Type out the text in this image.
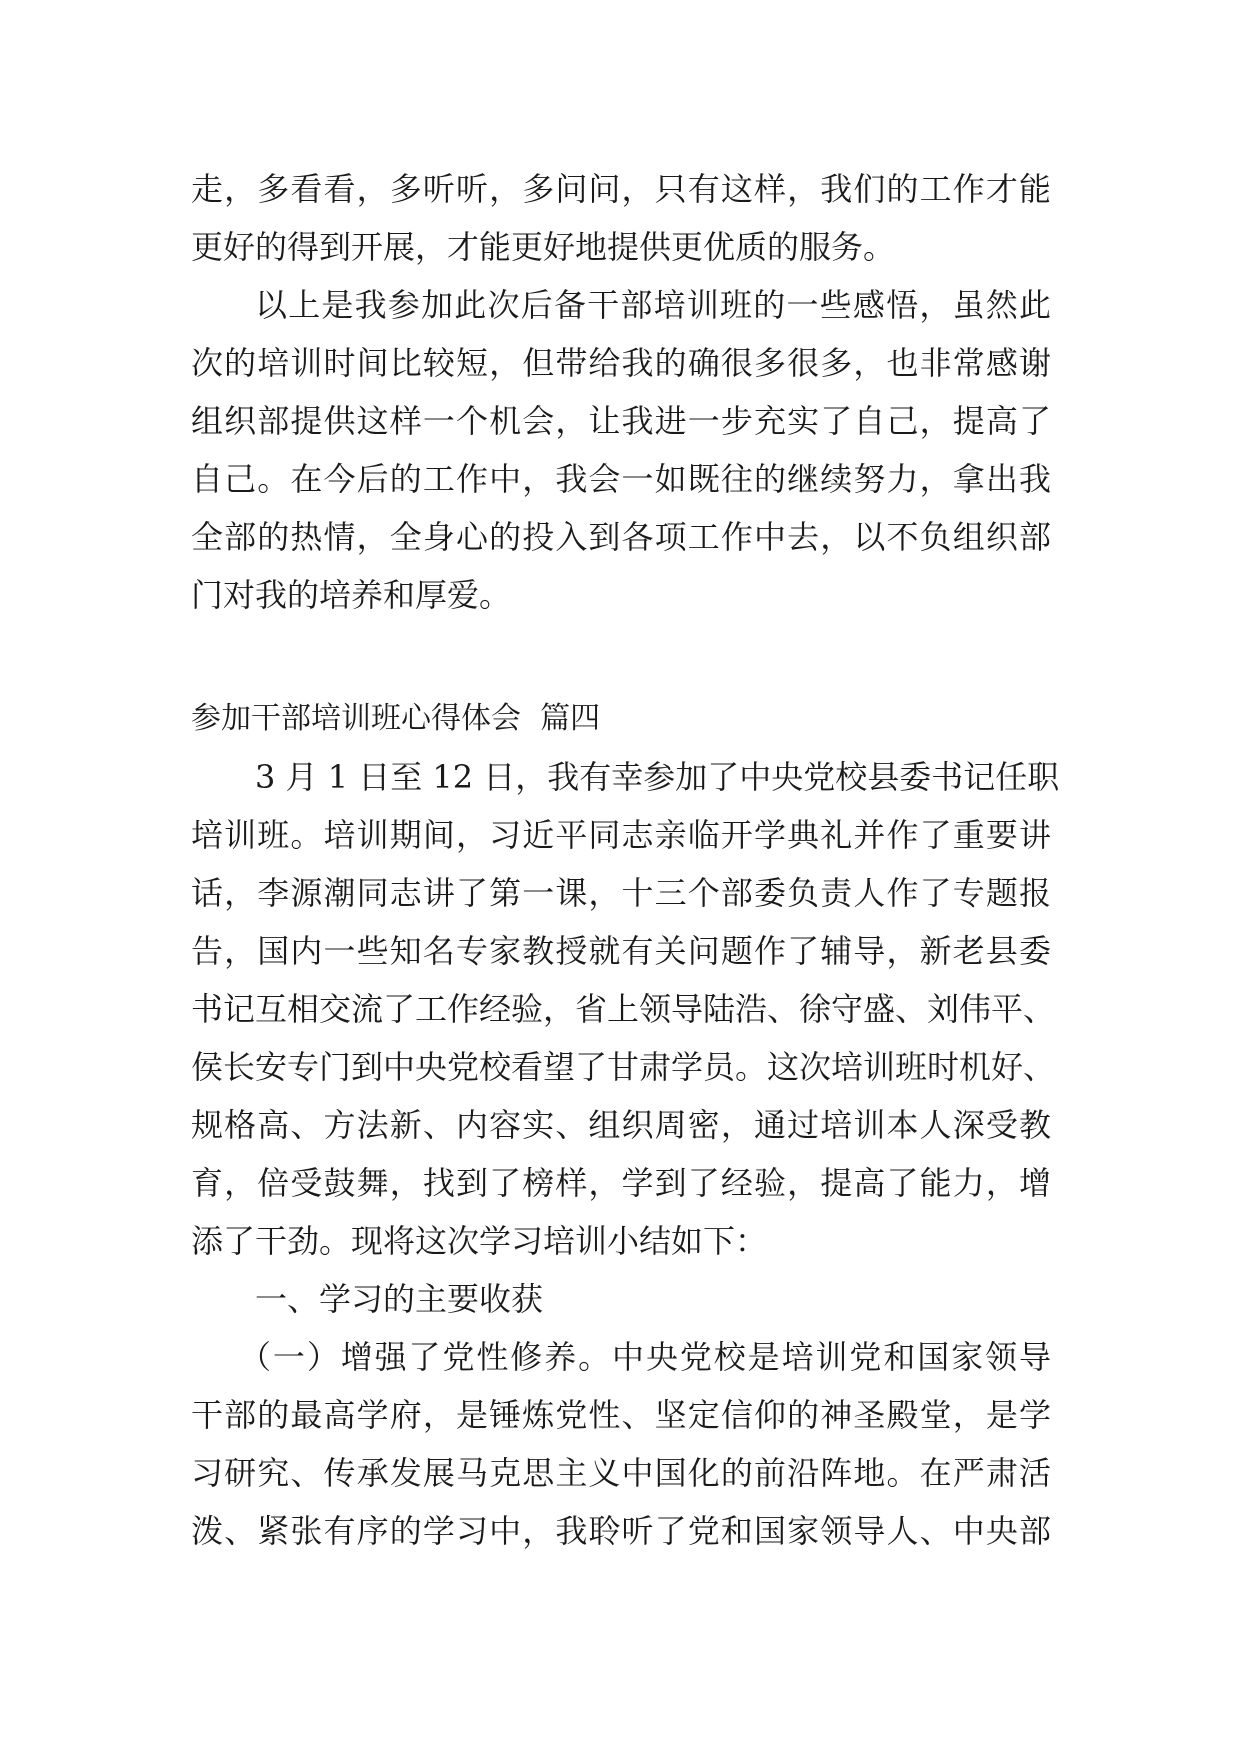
走，多看看，多听听，多问问，只有这样，我们的工作才能
更好的得到开展，才能更好地提供更优质的服务。
以上是我参加此次后备干部培训班的一些感悟，虽然此
次的培训时间比较短，但带给我的确很多很多，也非常感谢
组织部提供这样一个机会，让我进一步充实了自己，提高了
自己。在今后的工作中，我会一如既往的继续努力，拿出我
全部的热情，全身心的投入到各项工作中去，以不负组织部
门对我的培养和厚爱。
参加干部培训班心得体会  篇四
3 月 1 日至 12 日，我有幸参加了中央党校县委书记任职
培训班。培训期间，习近平同志亲临开学典礼并作了重要讲
话，李源潮同志讲了第一课，十三个部委负责人作了专题报
告，国内一些知名专家教授就有关问题作了辅导，新老县委
书记互相交流了工作经验，省上领导陆浩、徐守盛、刘伟平、
侯长安专门到中央党校看望了甘肃学员。这次培训班时机好、
规格高、方法新、内容实、组织周密，通过培训本人深受教
育，倍受鼓舞，找到了榜样，学到了经验，提高了能力，增
添了干劲。现将这次学习培训小结如下：
一、学习的主要收获
（一）增强了党性修养。中央党校是培训党和国家领导
干部的最高学府，是锤炼党性、坚定信仰的神圣殿堂，是学
习研究、传承发展马克思主义中国化的前沿阵地。在严肃活
泼、紧张有序的学习中，我聆听了党和国家领导人、中央部
